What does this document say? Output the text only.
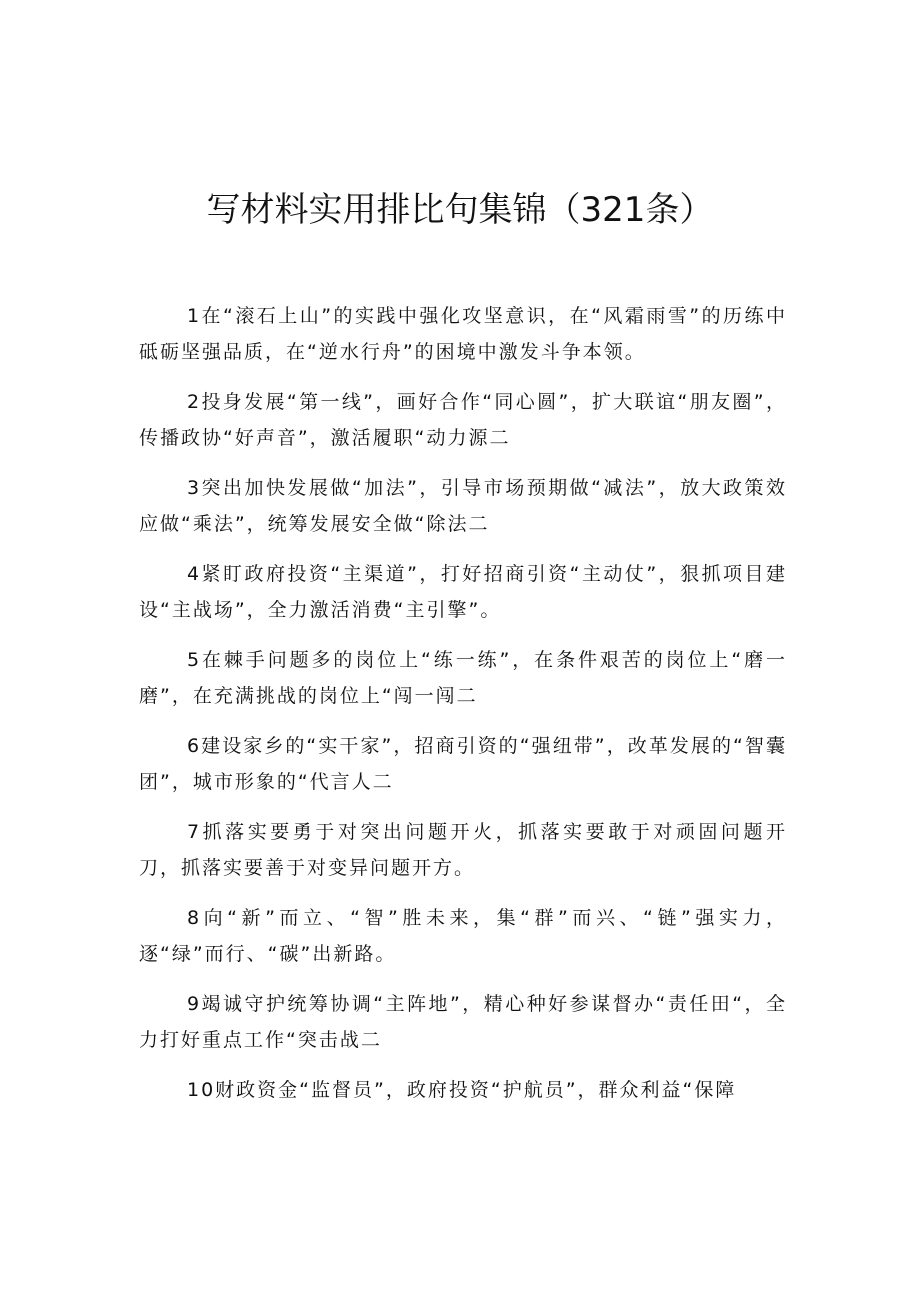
写材料实用排比句集锦（321条）

1在“滚石上山”的实践中强化攻坚意识，在“风霜雨雪”的历练中砥砺坚强品质，在“逆水行舟”的困境中激发斗争本领。

2投身发展“第一线”，画好合作“同心圆”，扩大联谊“朋友圈”，传播政协“好声音”，激活履职“动力源二

3突出加快发展做“加法”，引导市场预期做“减法”，放大政策效应做“乘法”，统筹发展安全做“除法二

4紧盯政府投资“主渠道”，打好招商引资“主动仗”，狠抓项目建设“主战场”，全力激活消费“主引擎”。

5在棘手问题多的岗位上“练一练”，在条件艰苦的岗位上“磨一磨”，在充满挑战的岗位上“闯一闯二

6建设家乡的“实干家”，招商引资的“强纽带”，改革发展的“智囊团”，城市形象的“代言人二

7抓落实要勇于对突出问题开火，抓落实要敢于对顽固问题开刀，抓落实要善于对变异问题开方。

8向“新”而立、“智”胜未来，集“群”而兴、“链”强实力，逐“绿”而行、“碳”出新路。

9竭诚守护统筹协调“主阵地”，精心种好参谋督办“责任田“，全力打好重点工作“突击战二

10财政资金“监督员”，政府投资“护航员”，群众利益“保障
